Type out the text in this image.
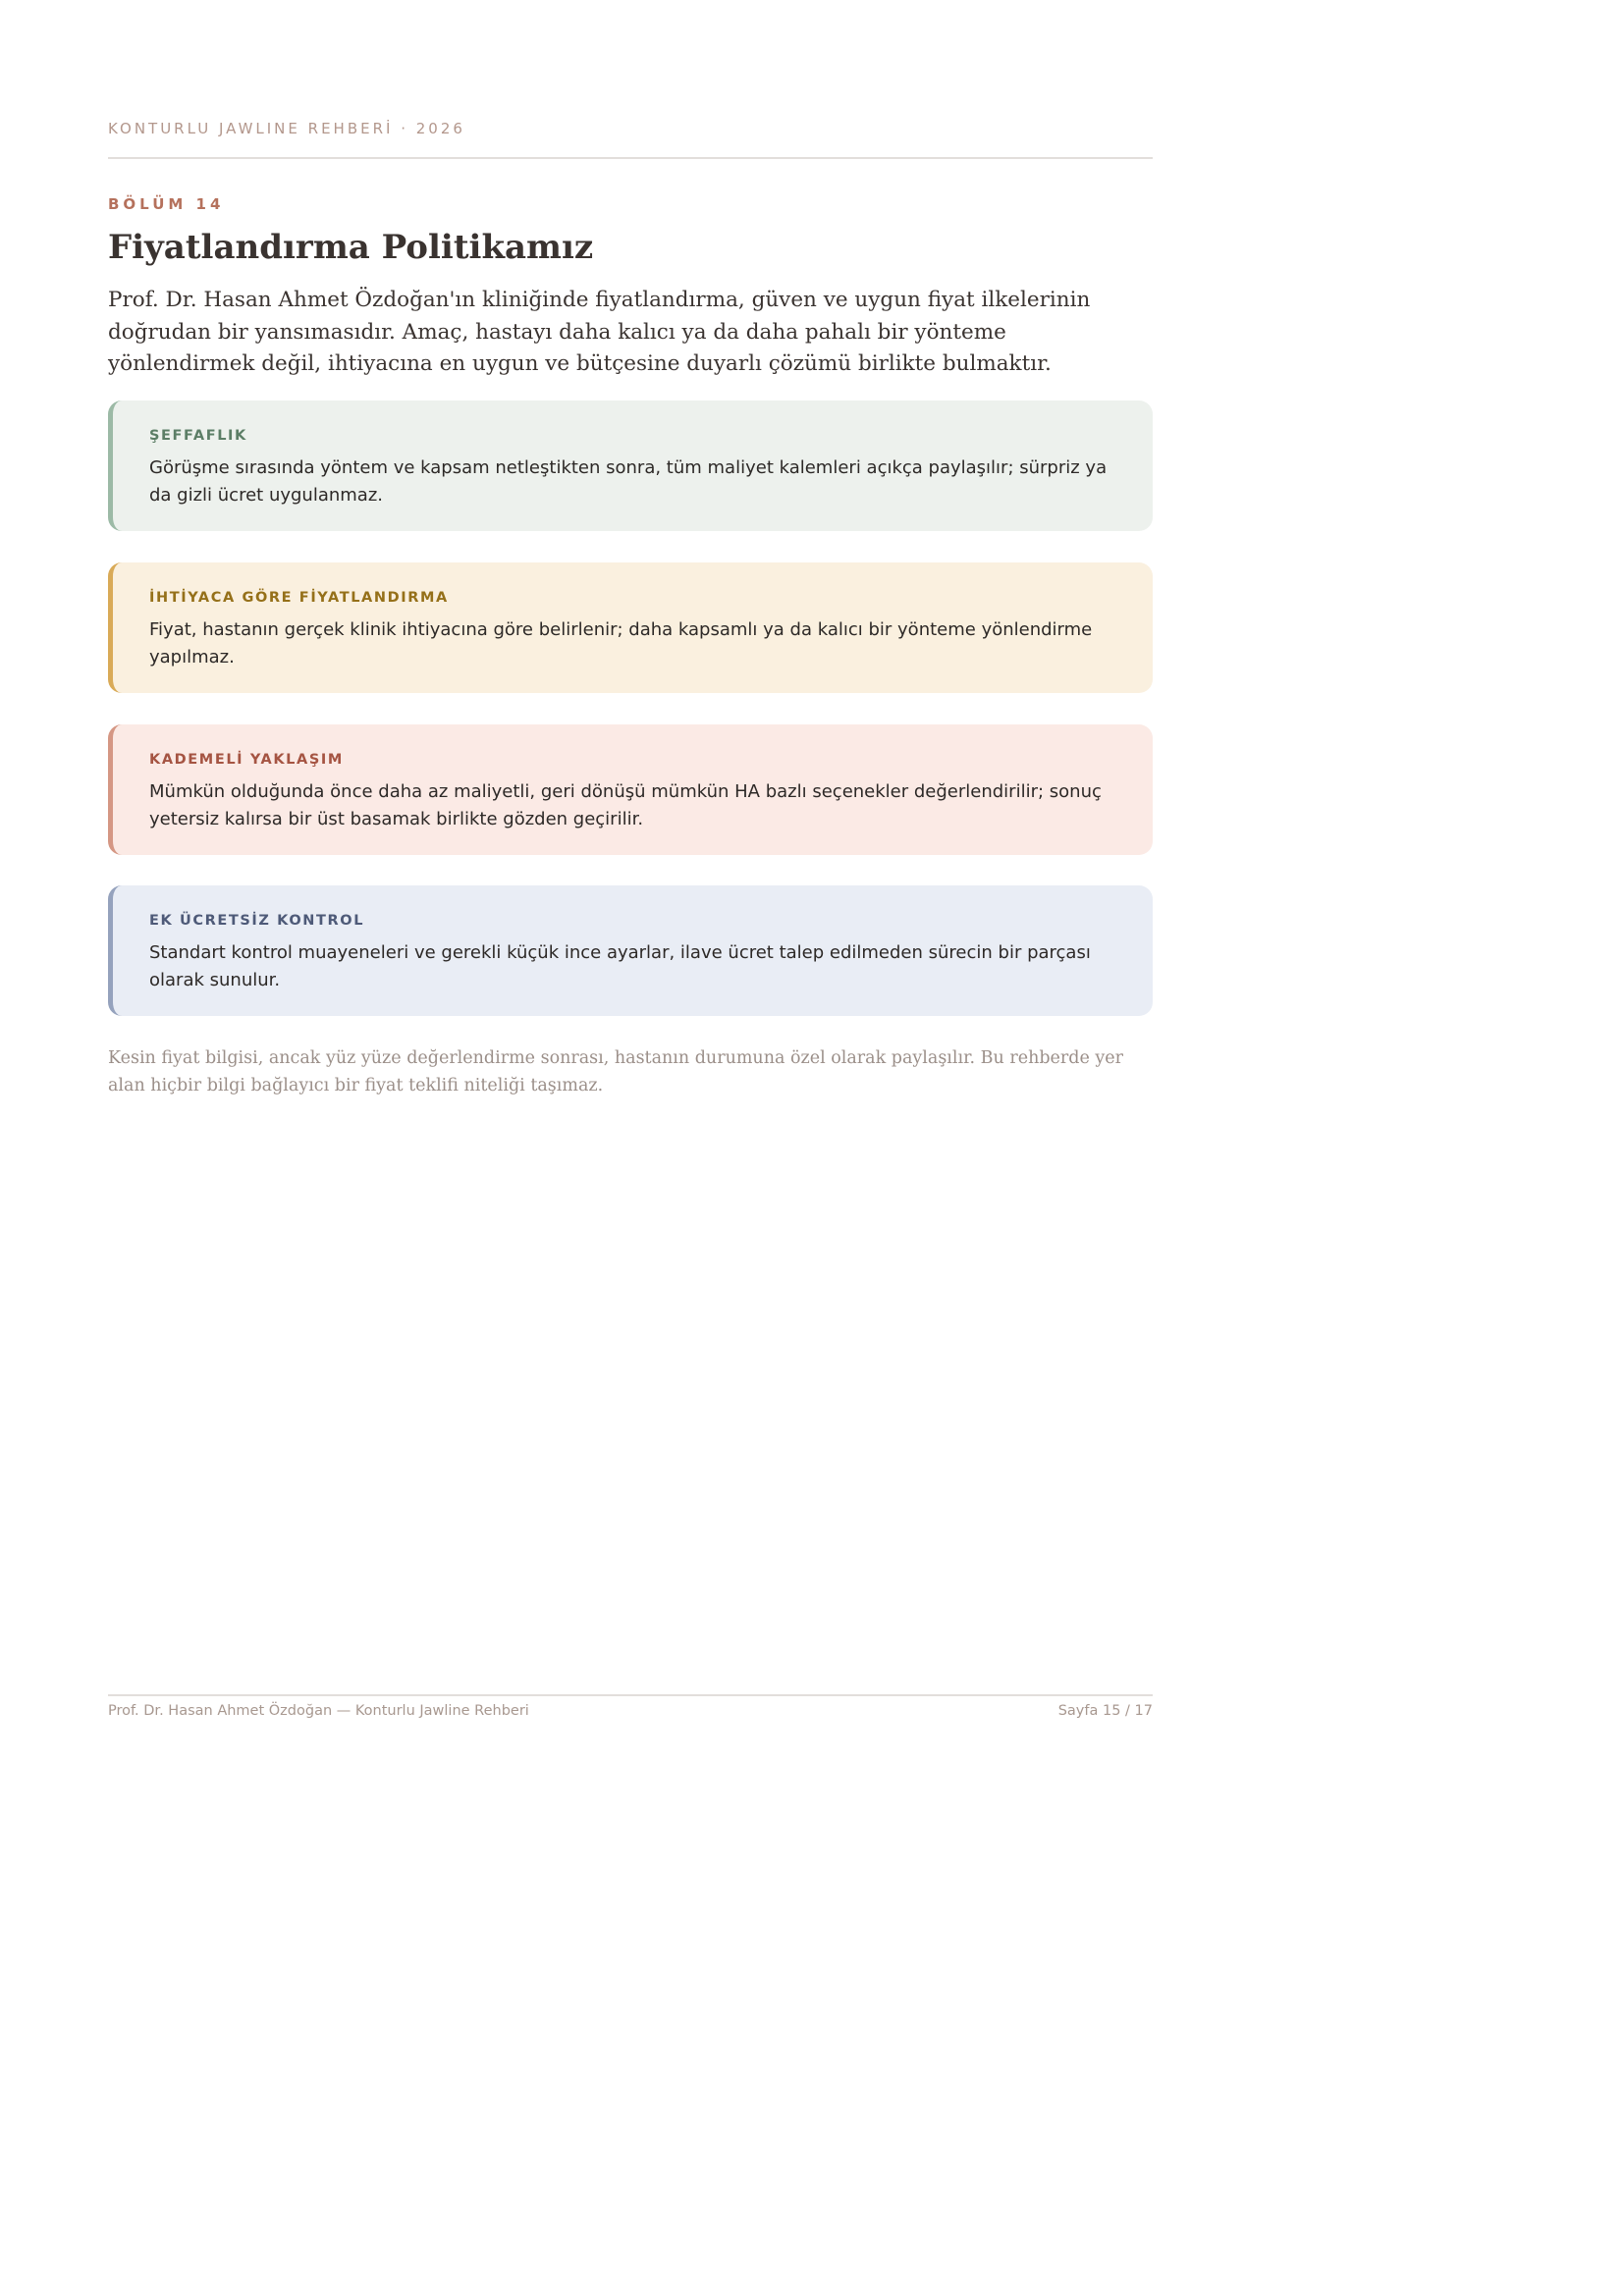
KONTURLU JAWLINE REHBERİ · 2026
BÖLÜM 14
Fiyatlandırma Politikamız

Prof. Dr. Hasan Ahmet Özdoğan'ın kliniğinde fiyatlandırma, güven ve uygun fiyat ilkelerinin doğrudan bir yansımasıdır. Amaç, hastayı daha kalıcı ya da daha pahalı bir yönteme yönlendirmek değil, ihtiyacına en uygun ve bütçesine duyarlı çözümü birlikte bulmaktır.

ŞEFFAFLIK

Görüşme sırasında yöntem ve kapsam netleştikten sonra, tüm maliyet kalemleri açıkça paylaşılır; sürpriz ya da gizli ücret uygulanmaz.

İHTİYACA GÖRE FİYATLANDIRMA

Fiyat, hastanın gerçek klinik ihtiyacına göre belirlenir; daha kapsamlı ya da kalıcı bir yönteme yönlendirme yapılmaz.

KADEMELİ YAKLAŞIM

Mümkün olduğunda önce daha az maliyetli, geri dönüşü mümkün HA bazlı seçenekler değerlendirilir; sonuç yetersiz kalırsa bir üst basamak birlikte gözden geçirilir.

EK ÜCRETSİZ KONTROL

Standart kontrol muayeneleri ve gerekli küçük ince ayarlar, ilave ücret talep edilmeden sürecin bir parçası olarak sunulur.

Kesin fiyat bilgisi, ancak yüz yüze değerlendirme sonrası, hastanın durumuna özel olarak paylaşılır. Bu rehberde yer alan hiçbir bilgi bağlayıcı bir fiyat teklifi niteliği taşımaz.

Prof. Dr. Hasan Ahmet Özdoğan — Konturlu Jawline Rehberi	Sayfa 15 / 17
